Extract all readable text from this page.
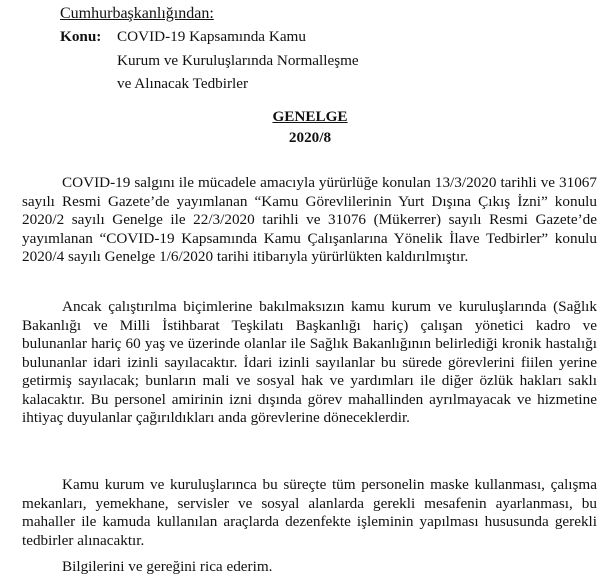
Cumhurbaşkanlığından:
Konu: COVID-19 Kapsamında Kamu
Kurum ve Kuruluşlarında Normalleşme
ve Alınacak Tedbirler
GENELGE
2020/8
COVID-19 salgını ile mücadele amacıyla yürürlüğe konulan 13/3/2020 tarihli ve 31067
sayılı Resmi Gazete’de yayımlanan “Kamu Görevlilerinin Yurt Dışına Çıkış İzni” konulu
2020/2 sayılı Genelge ile 22/3/2020 tarihli ve 31076 (Mükerrer) sayılı Resmi Gazete’de
yayımlanan “COVID-19 Kapsamında Kamu Çalışanlarına Yönelik İlave Tedbirler” konulu
2020/4 sayılı Genelge 1/6/2020 tarihi itibarıyla yürürlükten kaldırılmıştır.
Ancak çalıştırılma biçimlerine bakılmaksızın kamu kurum ve kuruluşlarında (Sağlık
Bakanlığı ve Milli İstihbarat Teşkilatı Başkanlığı hariç) çalışan yönetici kadro ve
bulunanlar hariç 60 yaş ve üzerinde olanlar ile Sağlık Bakanlığının belirlediği kronik hastalığı
bulunanlar idari izinli sayılacaktır. İdari izinli sayılanlar bu sürede görevlerini fiilen yerine
getirmiş sayılacak; bunların mali ve sosyal hak ve yardımları ile diğer özlük hakları saklı
kalacaktır. Bu personel amirinin izni dışında görev mahallinden ayrılmayacak ve hizmetine
ihtiyaç duyulanlar çağırıldıkları anda görevlerine döneceklerdir.
Kamu kurum ve kuruluşlarınca bu süreçte tüm personelin maske kullanması, çalışma
mekanları, yemekhane, servisler ve sosyal alanlarda gerekli mesafenin ayarlanması, bu
mahaller ile kamuda kullanılan araçlarda dezenfekte işleminin yapılması hususunda gerekli
tedbirler alınacaktır.
Bilgilerini ve gereğini rica ederim.
